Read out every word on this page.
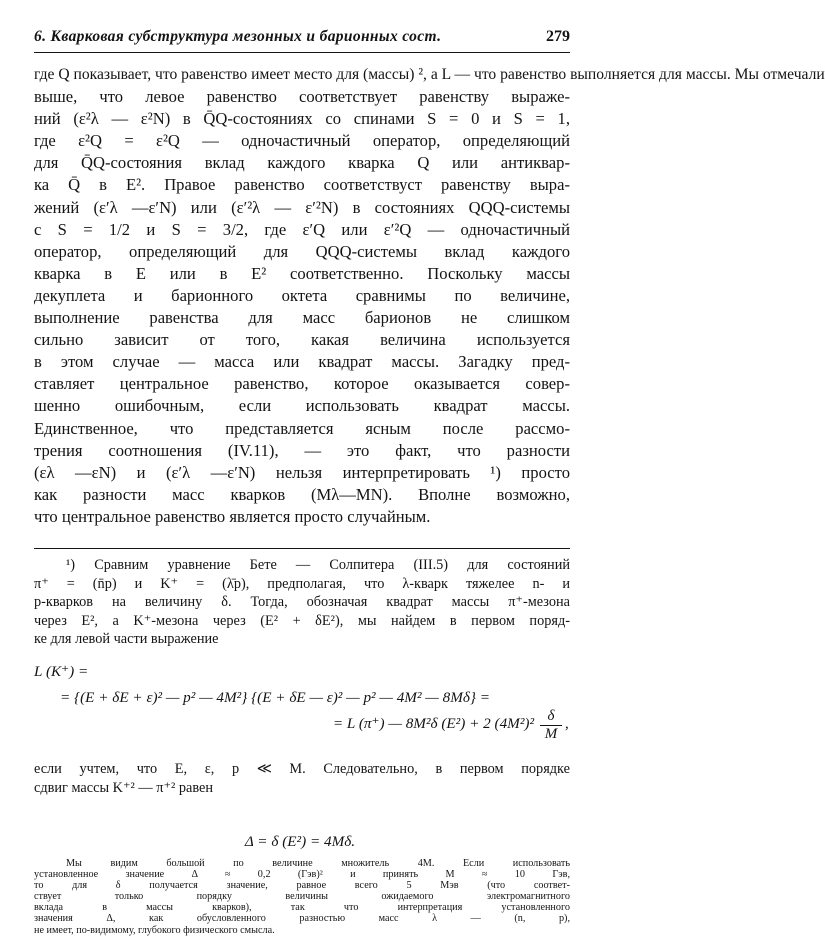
6. Кварковая субструктура мезонных и барионных сост.	279
где Q показывает, что равенство имеет место для (массы) ², а L — что равенство выполняется для массы. Мы отмечали
выше, что левое равенство соответствует равенству выраже-
ний (ε²λ — ε²N) в Q̄Q-состояниях со спинами S = 0 и S = 1,
где ε²Q = ε²Q — одночастичный оператор, определяющий
для Q̄Q-состояния вклад каждого кварка Q или антиквар-
ка Q̄ в E². Правое равенство соответствуст равенству выра-
жений (ε′λ —ε′N) или (ε′²λ — ε′²N) в состояниях QQQ-системы
с S = 1/2 и S = 3/2, где ε′Q или ε′²Q — одночастичный
оператор, определяющий для QQQ-системы вклад каждого
кварка в E или в E² соответственно. Поскольку массы
декуплета и барионного октета сравнимы по величине,
выполнение равенства для масс барионов не слишком
сильно зависит от того, какая величина используется
в этом случае — масса или квадрат массы. Загадку пред-
ставляет центральное равенство, которое оказывается совер-
шенно ошибочным, если использовать квадрат массы.
Единственное, что представляется ясным после рассмо-
трения соотношения (IV.11), — это факт, что разности
(ελ —εN) и (ε′λ —ε′N) нельзя интерпретировать ¹) просто
как разности масс кварков (Mλ—MN). Вполне возможно,
что центральное равенство является просто случайным.
¹) Сравним уравнение Бете — Солпитера (III.5) для состояний
π⁺ = (n̄p) и K⁺ = (λ̄p), предполагая, что λ-кварк тяжелее n- и
p-кварков на величину δ. Тогда, обозначая квадрат массы π⁺-мезона
через E², а K⁺-мезона через (E² + δE²), мы найдем в первом поряд-
ке для левой части выражение
L (K⁺) =
= {(E + δE + ε)² — p² — 4M²} {(E + δE — ε)² — p² — 4M² — 8Mδ} =
= L (π⁺) — 8M²δ (E²) + 2 $(4M^2)^2 \frac{\delta}{M}$ ,
если учтем, что E, ε, p ≪ M. Следовательно, в первом порядке
сдвиг массы K⁺² — π⁺² равен
Δ = δ (E²) = 4Mδ.
Мы видим большой по величине множитель 4M. Если использовать
установленное значение Δ ≈ 0,2 (Гэв)² и принять M ≈ 10 Гэв,
то для δ получается значение, равное всего 5 Мэв (что соответ-
ствует только порядку величины ожидаемого электромагнитного
вклада в массы кварков), так что интерпретация установленного
значения Δ, как обусловленного разностью масс λ — (n, p),
не имеет, по-видимому, глубокого физического смысла.
